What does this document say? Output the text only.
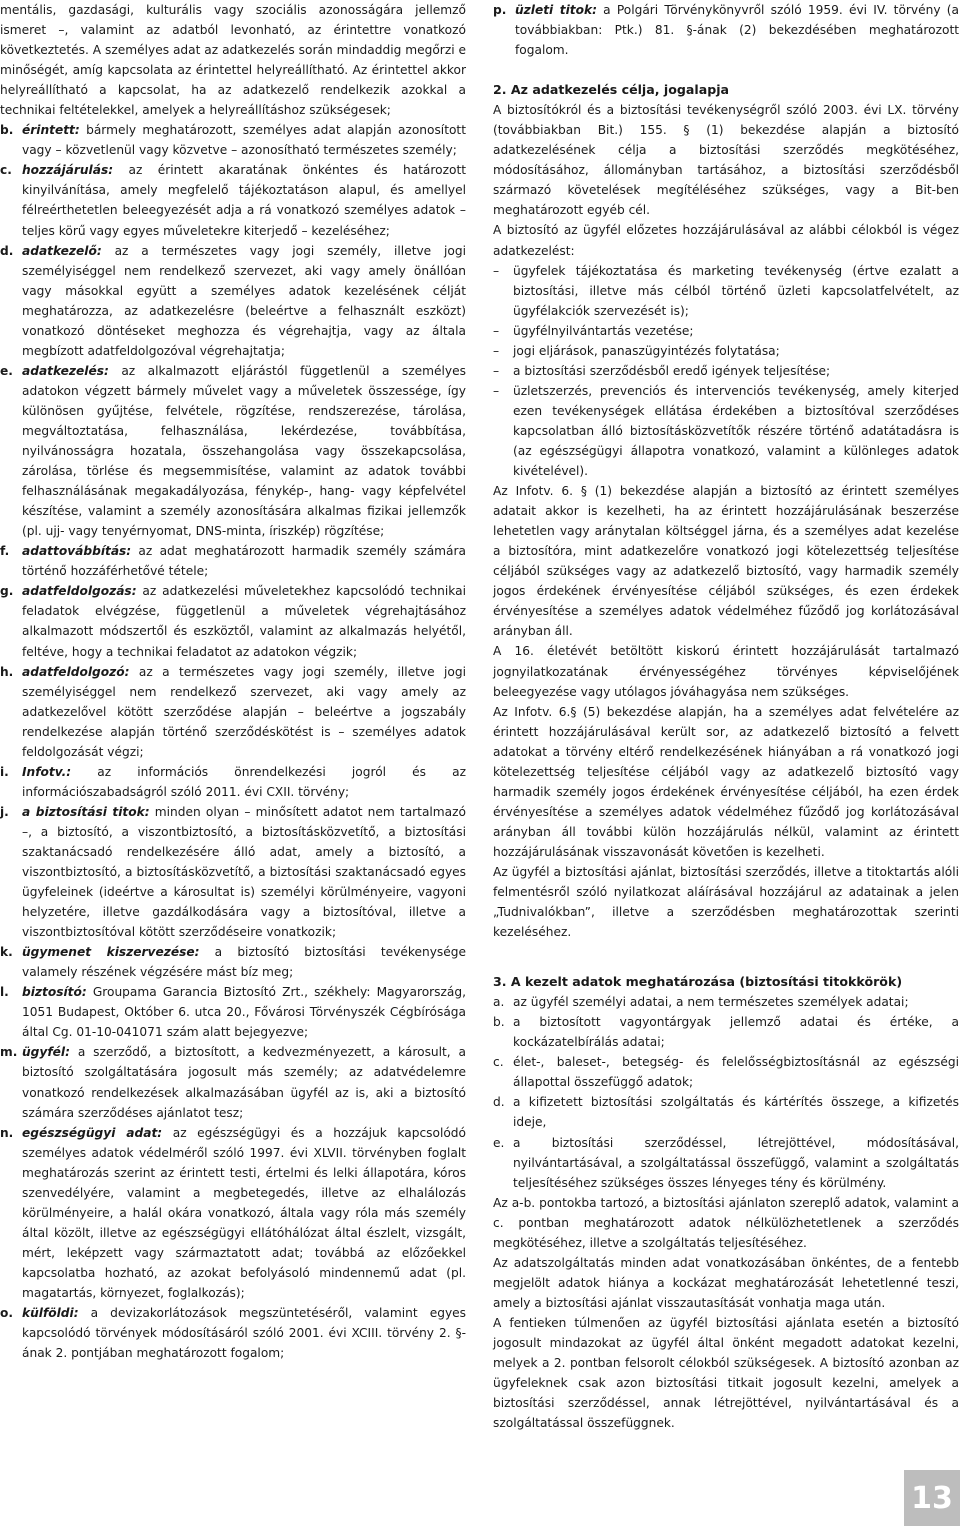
mentális, gazdasági, kulturális vagy szociális azonosságára jellemző ismeret –, valamint az adatból levonható, az érintettre vonatkozó következtetés. A személyes adat az adatkezelés során mindaddig megőrzi e minőségét, amíg kapcsolata az érintettel helyreállítható. Az érintettel akkor helyreállítható a kapcsolat, ha az adatkezelő rendelkezik azokkal a technikai feltételekkel, amelyek a helyreállításhoz szükségesek;

b. érintett: bármely meghatározott, személyes adat alapján azonosított vagy – közvetlenül vagy közvetve – azonosítható természetes személy;

c. hozzájárulás: az érintett akaratának önkéntes és határozott kinyilvánítása, amely megfelelő tájékoztatáson alapul, és amellyel félreérthetetlen beleegyezését adja a rá vonatkozó személyes adatok – teljes körű vagy egyes műveletekre kiterjedő – kezeléséhez;

d. adatkezelő: az a természetes vagy jogi személy, illetve jogi személyiséggel nem rendelkező szervezet, aki vagy amely önállóan vagy másokkal együtt a személyes adatok kezelésének célját meghatározza, az adatkezelésre (beleértve a felhasznált eszközt) vonatkozó döntéseket meghozza és végrehajtja, vagy az általa megbízott adatfeldolgozóval végrehajtatja;

e. adatkezelés: az alkalmazott eljárástól függetlenül a személyes adatokon végzett bármely művelet vagy a műveletek összessége, így különösen gyűjtése, felvétele, rögzítése, rendszerezése, tárolása, megváltoztatása, felhasználása, lekérdezése, továbbítása, nyilvánosságra hozatala, összehangolása vagy összekapcsolása, zárolása, törlése és megsemmisítése, valamint az adatok további felhasználásának megakadályozása, fénykép-, hang- vagy képfelvétel készítése, valamint a személy azonosítására alkalmas fizikai jellemzők (pl. ujj- vagy tenyérnyomat, DNS-minta, íriszkép) rögzítése;

f. adattovábbítás: az adat meghatározott harmadik személy számára történő hozzáférhetővé tétele;

g. adatfeldolgozás: az adatkezelési műveletekhez kapcsolódó technikai feladatok elvégzése, függetlenül a műveletek végrehajtásához alkalmazott módszertől és eszköztől, valamint az alkalmazás helyétől, feltéve, hogy a technikai feladatot az adatokon végzik;

h. adatfeldolgozó: az a természetes vagy jogi személy, illetve jogi személyiséggel nem rendelkező szervezet, aki vagy amely az adatkezelővel kötött szerződése alapján – beleértve a jogszabály rendelkezése alapján történő szerződéskötést is – személyes adatok feldolgozását végzi;

i. Infotv.: az információs önrendelkezési jogról és az információszabadságról szóló 2011. évi CXII. törvény;

j. a biztosítási titok: minden olyan – minősített adatot nem tartalmazó –, a biztosító, a viszontbiztosító, a biztosításközvetítő, a biztosítási szaktanácsadó rendelkezésére álló adat, amely a biztosító, a viszontbiztosító, a biztosításközvetítő, a biztosítási szaktanácsadó egyes ügyfeleinek (ideértve a károsultat is) személyi körülményeire, vagyoni helyzetére, illetve gazdálkodására vagy a biztosítóval, illetve a viszontbiztosítóval kötött szerződéseire vonatkozik;

k. ügymenet kiszervezése: a biztosító biztosítási tevékenysége valamely részének végzésére mást bíz meg;

l. biztosító: Groupama Garancia Biztosító Zrt., székhely: Magyarország, 1051 Budapest, Október 6. utca 20., Fővárosi Törvényszék Cégbírósága által Cg. 01-10-041071 szám alatt bejegyezve;

m. ügyfél: a szerződő, a biztosított, a kedvezményezett, a károsult, a biztosító szolgáltatására jogosult más személy; az adatvédelemre vonatkozó rendelkezések alkalmazásában ügyfél az is, aki a biztosító számára szerződéses ajánlatot tesz;

n. egészségügyi adat: az egészségügyi és a hozzájuk kapcsolódó személyes adatok védelméről szóló 1997. évi XLVII. törvényben foglalt meghatározás szerint az érintett testi, értelmi és lelki állapotára, kóros szenvedélyére, valamint a megbetegedés, illetve az elhalálozás körülményeire, a halál okára vonatkozó, általa vagy róla más személy által közölt, illetve az egészségügyi ellátóhálózat által észlelt, vizsgált, mért, leképzett vagy származtatott adat; továbbá az előzőekkel kapcsolatba hozható, az azokat befolyásoló mindennemű adat (pl. magatartás, környezet, foglalkozás);

o. külföldi: a devizakorlátozások megszüntetéséről, valamint egyes kapcsolódó törvények módosításáról szóló 2001. évi XCIII. törvény 2. §-ának 2. pontjában meghatározott fogalom;

p. üzleti titok: a Polgári Törvénykönyvről szóló 1959. évi IV. törvény (a továbbiakban: Ptk.) 81. §-ának (2) bekezdésében meghatározott fogalom.

2. Az adatkezelés célja, jogalapja

A biztosítókról és a biztosítási tevékenységről szóló 2003. évi LX. törvény (továbbiakban Bit.) 155. § (1) bekezdése alapján a biztosító adatkezelésének célja a biztosítási szerződés megkötéséhez, módosításához, állományban tartásához, a biztosítási szerződésből származó követelések megítéléséhez szükséges, vagy a Bit-ben meghatározott egyéb cél.

A biztosító az ügyfél előzetes hozzájárulásával az alábbi célokból is végez adatkezelést:

– ügyfelek tájékoztatása és marketing tevékenység (értve ezalatt a biztosítási, illetve más célból történő üzleti kapcsolatfelvételt, az ügyfélakciók szervezését is);

– ügyfélnyilvántartás vezetése;

– jogi eljárások, panaszügyintézés folytatása;

– a biztosítási szerződésből eredő igények teljesítése;

– üzletszerzés, prevenciós és intervenciós tevékenység, amely kiterjed ezen tevékenységek ellátása érdekében a biztosítóval szerződéses kapcsolatban álló biztosításközvetítők részére történő adatátadásra is (az egészségügyi állapotra vonatkozó, valamint a különleges adatok kivételével).

Az Infotv. 6. § (1) bekezdése alapján a biztosító az érintett személyes adatait akkor is kezelheti, ha az érintett hozzájárulásának beszerzése lehetetlen vagy aránytalan költséggel járna, és a személyes adat kezelése a biztosítóra, mint adatkezelőre vonatkozó jogi kötelezettség teljesítése céljából szükséges vagy az adatkezelő biztosító, vagy harmadik személy jogos érdekének érvényesítése céljából szükséges, és ezen érdekek érvényesítése a személyes adatok védelméhez fűződő jog korlátozásával arányban áll.

A 16. életévét betöltött kiskorú érintett hozzájárulását tartalmazó jognyilatkozatának érvényességéhez törvényes képviselőjének beleegyezése vagy utólagos jóváhagyása nem szükséges.

Az Infotv. 6.§ (5) bekezdése alapján, ha a személyes adat felvételére az érintett hozzájárulásával került sor, az adatkezelő biztosító a felvett adatokat a törvény eltérő rendelkezésének hiányában a rá vonatkozó jogi kötelezettség teljesítése céljából vagy az adatkezelő biztosító vagy harmadik személy jogos érdekének érvényesítése céljából, ha ezen érdek érvényesítése a személyes adatok védelméhez fűződő jog korlátozásával arányban áll további külön hozzájárulás nélkül, valamint az érintett hozzájárulásának visszavonását követően is kezelheti.

Az ügyfél a biztosítási ajánlat, biztosítási szerződés, illetve a titoktartás alóli felmentésről szóló nyilatkozat aláírásával hozzájárul az adatainak a jelen „Tudnivalókban”, illetve a szerződésben meghatározottak szerinti kezeléséhez.

3. A kezelt adatok meghatározása (biztosítási titokkörök)

a. az ügyfél személyi adatai, a nem természetes személyek adatai;

b. a biztosított vagyontárgyak jellemző adatai és értéke, a kockázatelbírálás adatai;

c. élet-, baleset-, betegség- és felelősségbiztosításnál az egészségi állapottal összefüggő adatok;

d. a kifizetett biztosítási szolgáltatás és kártérítés összege, a kifizetés ideje,

e. a biztosítási szerződéssel, létrejöttével, módosításával, nyilvántartásával, a szolgáltatással összefüggő, valamint a szolgáltatás teljesítéséhez szükséges összes lényeges tény és körülmény.

Az a-b. pontokba tartozó, a biztosítási ajánlaton szereplő adatok, valamint a c. pontban meghatározott adatok nélkülözhetetlenek a szerződés megkötéséhez, illetve a szolgáltatás teljesítéséhez.

Az adatszolgáltatás minden adat vonatkozásában önkéntes, de a fentebb megjelölt adatok hiánya a kockázat meghatározását lehetetlenné teszi, amely a biztosítási ajánlat visszautasítását vonhatja maga után.

A fentieken túlmenően az ügyfél biztosítási ajánlata esetén a biztosító jogosult mindazokat az ügyfél által önként megadott adatokat kezelni, melyek a 2. pontban felsorolt célokból szükségesek. A biztosító azonban az ügyfeleknek csak azon biztosítási titkait jogosult kezelni, amelyek a biztosítási szerződéssel, annak létrejöttével, nyilvántartásával és a szolgáltatással összefüggnek.

13
